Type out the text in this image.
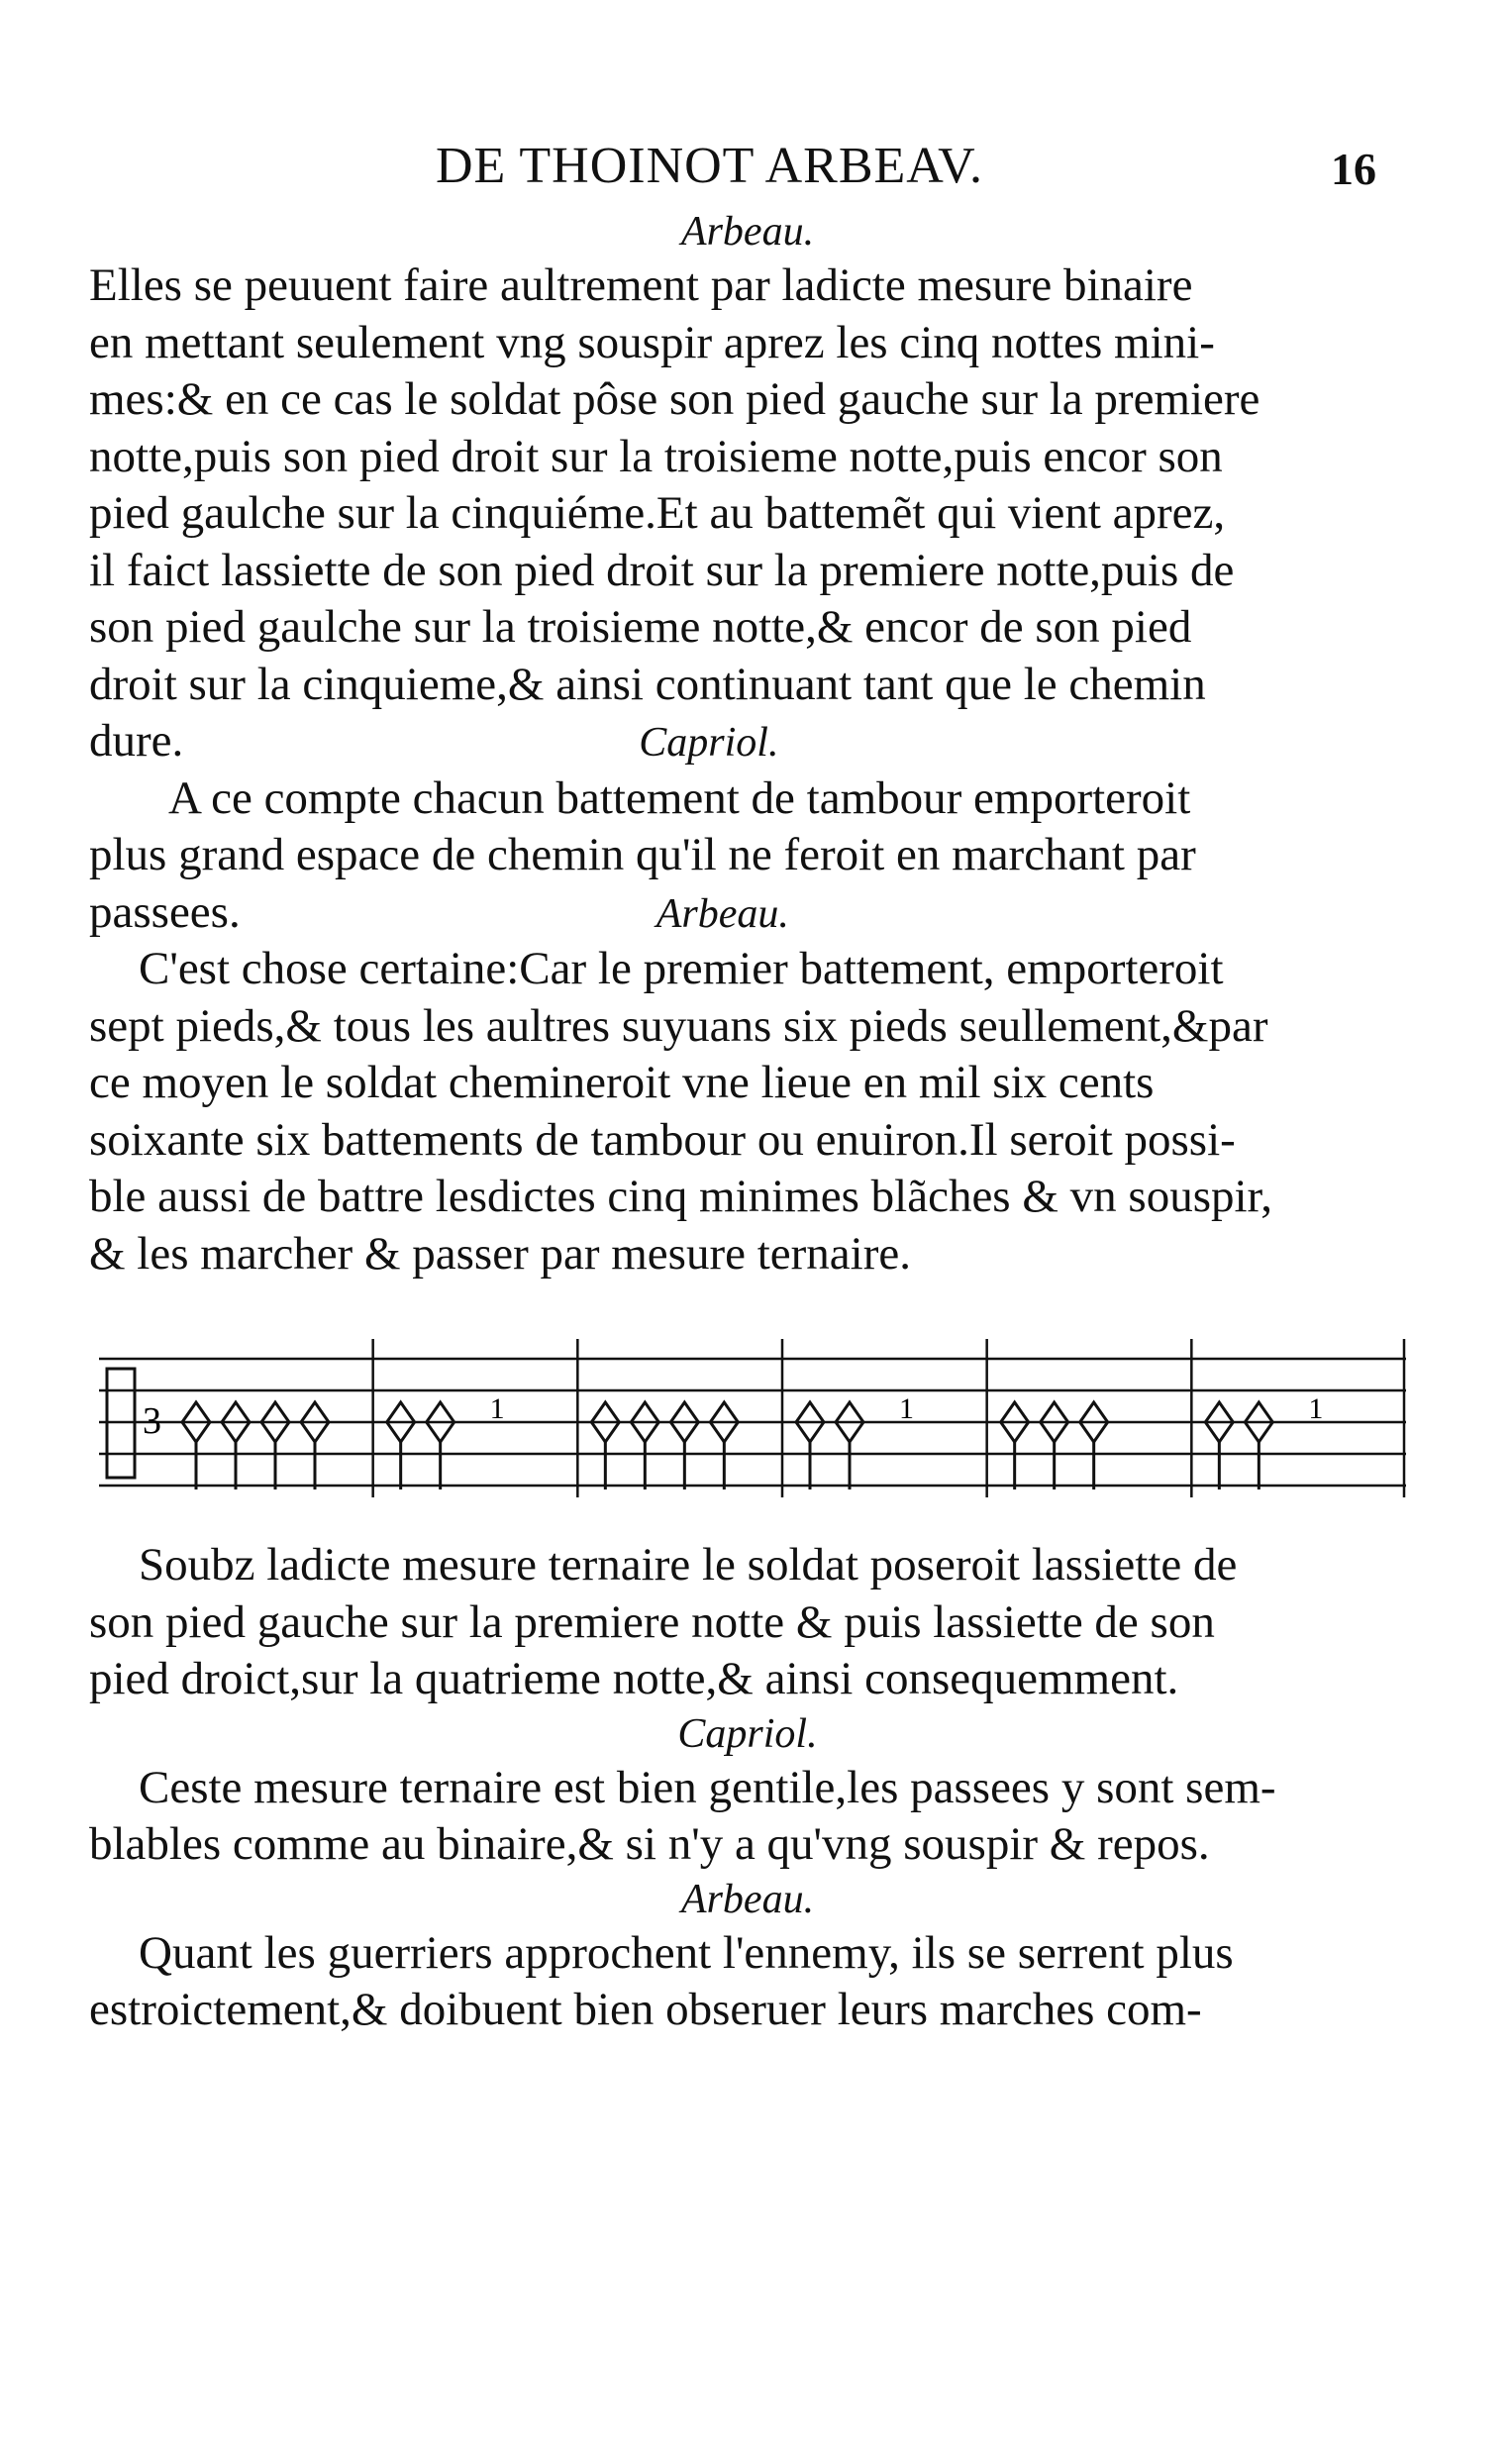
DE THOINOT ARBEAV.	16
Arbeau.
Elles se peuuent faire aultrement par ladicte mesure binaire
en mettant seulement vng souspir aprez les cinq nottes mini-
mes:& en ce cas le soldat pôse son pied gauche sur la premiere
notte,puis son pied droit sur la troisieme notte,puis encor son
pied gaulche sur la cinquiéme.Et au battemẽt qui vient aprez,
il faict lassiette de son pied droit sur la premiere notte,puis de
son pied gaulche sur la troisieme notte,& encor de son pied
droit sur la cinquieme,& ainsi continuant tant que le chemin
dure.	Capriol.
A ce compte chacun battement de tambour emporteroit
plus grand espace de chemin qu'il ne feroit en marchant par
passees.	Arbeau.
C'est chose certaine:Car le premier battement, emporteroit
sept pieds,& tous les aultres suyuans six pieds seullement,&par
ce moyen le soldat chemineroit vne lieue en mil six cents
soixante six battements de tambour ou enuiron.Il seroit possi-
ble aussi de battre lesdictes cinq minimes blãches & vn souspir,
& les marcher & passer par mesure ternaire.
3	1	1	1
Soubz ladicte mesure ternaire le soldat poseroit lassiette de
son pied gauche sur la premiere notte & puis lassiette de son
pied droict,sur la quatrieme notte,& ainsi consequemment.
Capriol.
Ceste mesure ternaire est bien gentile,les passees y sont sem-
blables comme au binaire,& si n'y a qu'vng souspir & repos.
Arbeau.
Quant les guerriers approchent l'ennemy, ils se serrent plus
estroictement,& doibuent bien obseruer leurs marches com-
